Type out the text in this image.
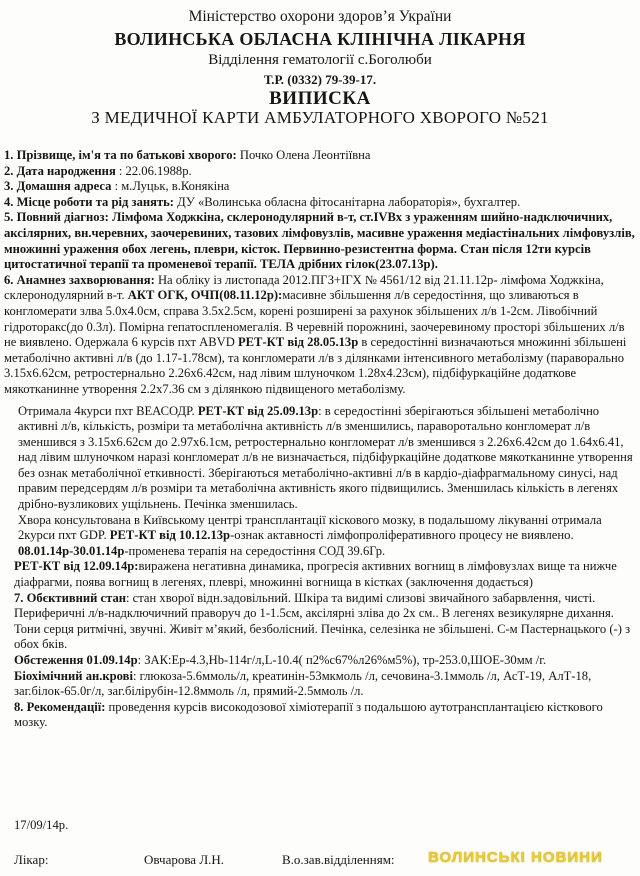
Міністерство охорони здоров’я України
ВОЛИНСЬКА ОБЛАСНА КЛІНІЧНА ЛІКАРНЯ
Відділення гематології с.Боголюби
Т.Р. (0332) 79-39-17.
ВИПИСКА
З МЕДИЧНОЇ КАРТИ АМБУЛАТОРНОГО ХВОРОГО №521

1. Прізвище, ім'я та по батькові хворого: Почко Олена Леонтіївна

2. Дата народження : 22.06.1988р.

3. Домашня адреса : м.Луцьк, в.Конякіна

4. Місце роботи та рід занять: ДУ «Волинська обласна фітосанітарна лабораторія», бухгалтер.

5. Повний діагноз: Лімфома Ходжкіна, склеронодулярний в-т, ст.IVВх з ураженням шийно-надключичних, аксілярних, вн.черевних, заочеревиних, тазових лімфовузлів, масивне ураження медіастінальних лімфовузлів, множинні ураження обох легень, плеври, кісток. Первинно-резистентна форма. Стан після 12ти курсів цитостатичної терапії та променевої терапії. ТЕЛА дрібних гілок(23.07.13р).

6. Анамнез захворювання: На обліку із листопада 2012.ПГЗ+ІГХ № 4561/12 від 21.11.12р- лімфома Ходжкіна, склеронодулярний в-т. АКТ ОГК, ОЧП(08.11.12р):масивне збільшення л/в середостіння, що зливаються в конгломерати злва 5.0х4.0см, справа 3.5х2.5см, корені розширені за рахунок збільшених л/в 1-2см. Лівобічний гідроторакс(до 0.3л). Помірна гепатоспленомегалія. В черевній порожнині, заочеревиному просторі збільшених л/в не виявлено. Одержала 6 курсів пхт ABVD РЕТ-КТ від 28.05.13р в середостінні визначаються множинні збільшені метаболічно активні л/в (до 1.17-1.78см), та конгломерати л/в з ділянками інтенсивного метаболізму (параворально 3.15х6.62см, ретростернально 2.26х6.42см, над лівим шлуночком 1.28х4.23см), підбіфуркаційне додаткове мякотканинне утворення 2.2х7.36 см з ділянкою підвищеного метаболізму.

Отримала 4курси пхт ВЕАСОДР. РЕТ-КТ від 25.09.13р: в середостінні зберігаються збільшені метаболічно активні л/в, кількість, розміри та метаболічна активність л/в зменшились, параворотально конгломерат л/в зменшився з 3.15х6.62см до 2.97х6.1см, ретростернально конгломерат л/в зменшився з 2.26х6.42см до 1.64х6.41, над лівим шлуночком наразі конгломерат л/в не визначається, підбіфуркаційне додаткове мякотканинне утворення без ознак метаболічної еткивності. Зберігаються метаболічно-активні л/в в кардіо-діафрагмальному синусі, над правим передсердям л/в розміри та метаболічна активність якого підвищились. Зменшилась кількість в легенях дрібно-вузликових ущільнень. Печінка зменшилась.

Хвора консультована в Київському центрі трансплантації кіскового мозку, в подальшому лікуванні отримала 2курси пхт GDP. РЕТ-КТ від 10.12.13р-ознак актавності лімфопроліферативного процесу не виявлено.

08.01.14р-30.01.14р-променева терапія на середостіння СОД 39.6Гр.

РЕТ-КТ від 12.09.14р:виражена негативна динамика, прогресія активних вогнищ в лімфовузлах вище та нижче діафрагми, поява вогнищ в легенях, плеврі, множинні вогнища в кістках (заключення додається)

7. Обєктивний стан: стан хворої відн.задовільний. Шкіра та видимі слизові звичайного забарвлення, чисті. Периферичні л/в-надключичний праворуч до 1-1.5см, аксілярні зліва до 2х см.. В легенях везикулярне дихання. Тони серця ритмічні, звучні. Живіт м’який, безболісний. Печінка, селезінка не збільшені. С-м Пастернацького (-) з обох бків.

Обстеження 01.09.14р: ЗАК:Ер-4.3,Hb-114г/л,L-10.4( п2%с67%л26%м5%), тр-253.0,ШОЕ-30мм /г.

Біохімічний ан.крові: глюкоза-5.6ммоль/л, креатинін-53мкмоль /л, сечовина-3.1ммоль /л, АсТ-19, АлТ-18, заг.білок-65.0г/л, заг.білірубін-12.8ммоль /л, прямий-2.5ммоль /л.

8. Рекомендації: проведення курсів високодозової хіміотерапії з подальшою аутотрансплантацією кісткового мозку.

17/09/14р.
Лікар:	Овчарова Л.Н.	В.о.зав.відділенням: ВОЛИНСЬКІ НОВИНИ
